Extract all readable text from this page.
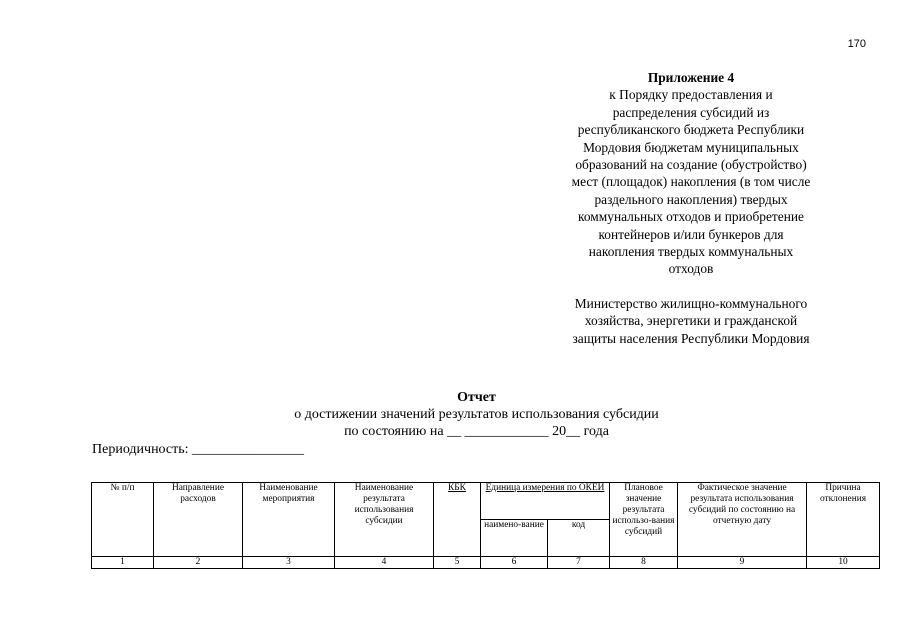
170
Приложение 4
к Порядку предоставления и
распределения субсидий из
республиканского бюджета Республики
Мордовия бюджетам муниципальных
образований на создание (обустройство)
мест (площадок) накопления (в том числе
раздельного накопления) твердых
коммунальных отходов и приобретение
контейнеров и/или бункеров для
накопления твердых коммунальных
отходов
Министерство жилищно-коммунального
хозяйства, энергетики и гражданской
защиты населения Республики Мордовия
Отчет
о достижении значений результатов использования субсидии
по состоянию на __ ____________ 20__ года
Периодичность: ________________
№ п/п	Направление расходов	Наименование мероприятия	Наименование результата использования субсидии	КБК	Единица измерения по ОКЕИ		Плановое значение результата использо-вания субсидий	Фактическое значение результата использования субсидий по состоянию на отчетную дату	Причина отклонения
					наимено-вание	код			
1	2	3	4	5	6	7	8	9	10
